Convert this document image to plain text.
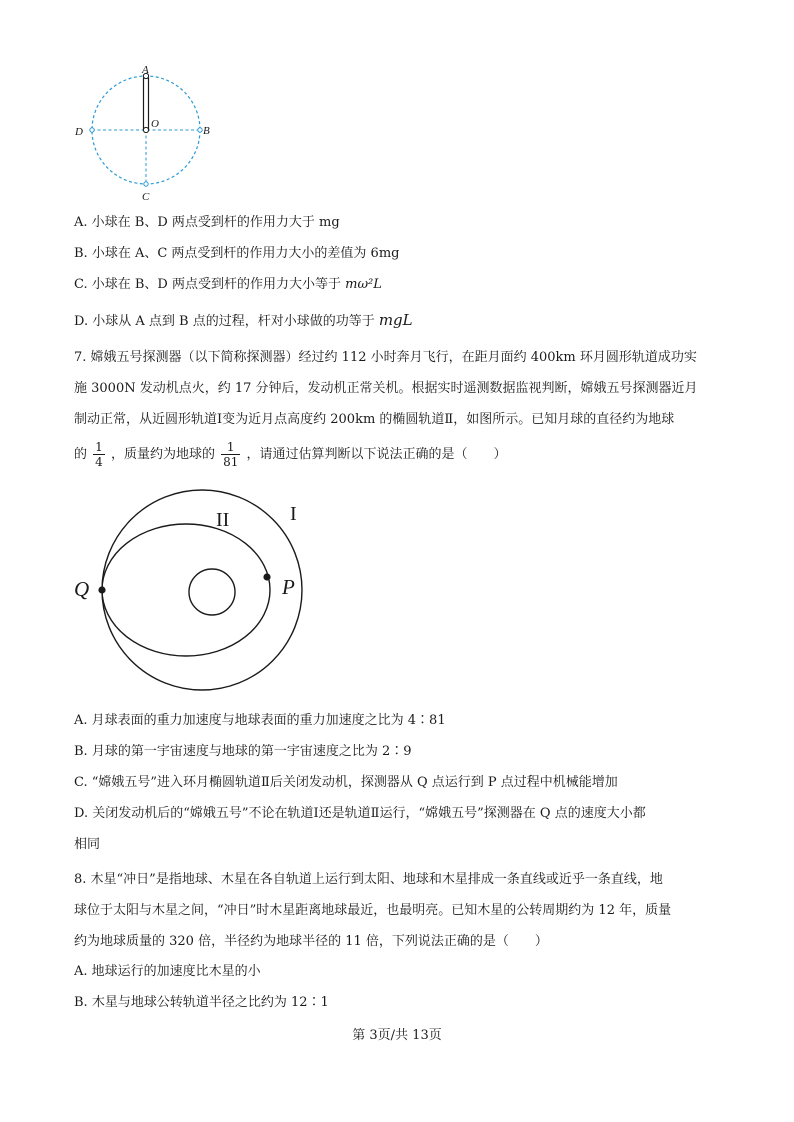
A
O
B
C
D
A. 小球在 B、D 两点受到杆的作用力大于 mg
B. 小球在 A、C 两点受到杆的作用力大小的差值为 6mg
C. 小球在 B、D 两点受到杆的作用力大小等于 mω²L
D. 小球从 A 点到 B 点的过程，杆对小球做的功等于 mgL
7. 嫦娥五号探测器（以下简称探测器）经过约 112 小时奔月飞行，在距月面约 400km 环月圆形轨道成功实
施 3000N 发动机点火，约 17 分钟后，发动机正常关机。根据实时遥测数据监视判断，嫦娥五号探测器近月
制动正常，从近圆形轨道Ⅰ变为近月点高度约 200km 的椭圆轨道Ⅱ，如图所示。已知月球的直径约为地球
的 $\frac{1}{4}$ ，质量约为地球的 $\frac{1}{81}$ ，请通过估算判断以下说法正确的是（　　）
II	I
Q	P
A. 月球表面的重力加速度与地球表面的重力加速度之比为 4∶81
B. 月球的第一宇宙速度与地球的第一宇宙速度之比为 2∶9
C. “嫦娥五号”进入环月椭圆轨道Ⅱ后关闭发动机，探测器从 Q 点运行到 P 点过程中机械能增加
D. 关闭发动机后的“嫦娥五号”不论在轨道Ⅰ还是轨道Ⅱ运行，“嫦娥五号”探测器在 Q 点的速度大小都
相同
8. 木星“冲日”是指地球、木星在各自轨道上运行到太阳、地球和木星排成一条直线或近乎一条直线，地
球位于太阳与木星之间，“冲日”时木星距离地球最近，也最明亮。已知木星的公转周期约为 12 年，质量
约为地球质量的 320 倍，半径约为地球半径的 11 倍，下列说法正确的是（　　）
A. 地球运行的加速度比木星的小
B. 木星与地球公转轨道半径之比约为 12∶1
第 3页/共 13页
